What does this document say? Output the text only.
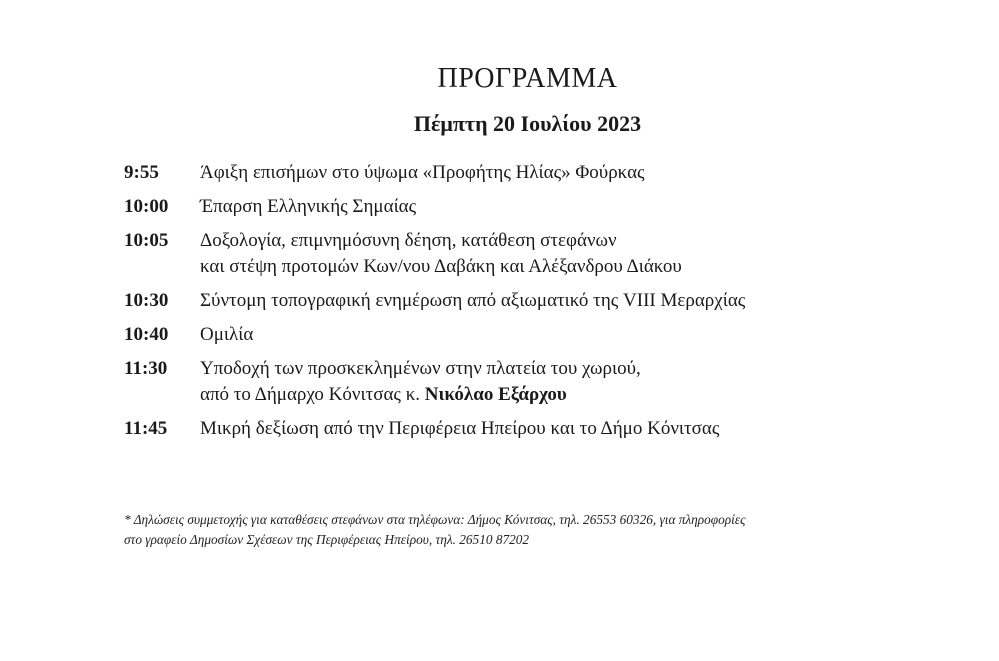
ΠΡΟΓΡΑΜΜΑ
Πέμπτη 20 Ιουλίου 2023
9:55	Άφιξη επισήμων στο ύψωμα «Προφήτης Ηλίας» Φούρκας
10:00	Έπαρση Ελληνικής Σημαίας
10:05	Δοξολογία, επιμνημόσυνη δέηση, κατάθεση στεφάνων
και στέψη προτομών Κων/νου Δαβάκη και Αλέξανδρου Διάκου
10:30	Σύντομη τοπογραφική ενημέρωση από αξιωματικό της VIII Μεραρχίας
10:40	Ομιλία
11:30	Υποδοχή των προσκεκλημένων στην πλατεία του χωριού,
από το Δήμαρχο Κόνιτσας κ. Νικόλαο Εξάρχου
11:45	Μικρή δεξίωση από την Περιφέρεια Ηπείρου και το Δήμο Κόνιτσας
* Δηλώσεις συμμετοχής για καταθέσεις στεφάνων στα τηλέφωνα: Δήμος Κόνιτσας, τηλ. 26553 60326, για πληροφορίες
στο γραφείο Δημοσίων Σχέσεων της Περιφέρειας Ηπείρου, τηλ. 26510 87202
